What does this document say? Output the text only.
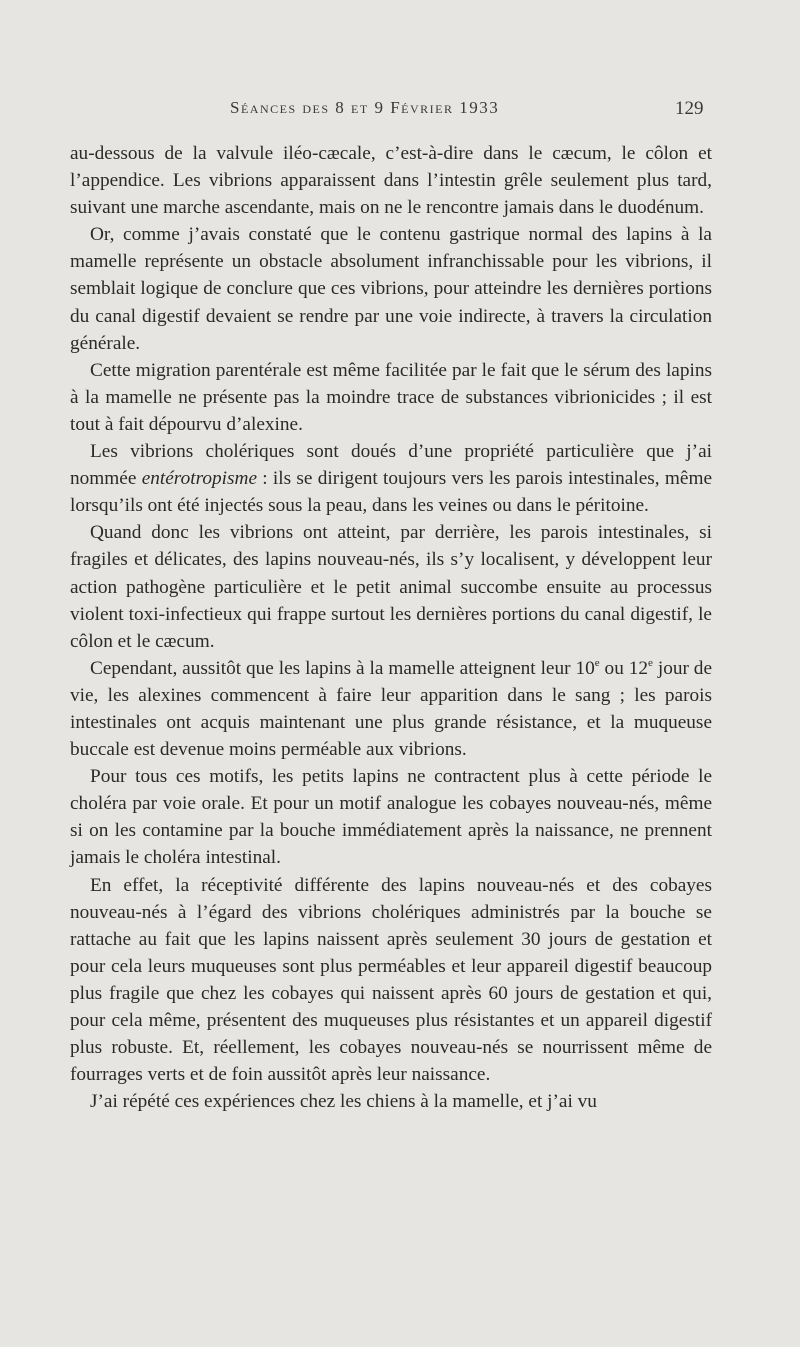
Séances des 8 et 9 Février 1933	129

au-dessous de la valvule iléo-cæcale, c’est-à-dire dans le cæcum, le côlon et l’appendice. Les vibrions apparaissent dans l’intestin grêle seulement plus tard, suivant une marche ascendante, mais on ne le rencontre jamais dans le duodénum.

Or, comme j’avais constaté que le contenu gastrique normal des lapins à la mamelle représente un obstacle absolument infranchissable pour les vibrions, il semblait logique de conclure que ces vibrions, pour atteindre les dernières portions du canal digestif devaient se rendre par une voie indirecte, à travers la circulation générale.

Cette migration parentérale est même facilitée par le fait que le sérum des lapins à la mamelle ne présente pas la moindre trace de substances vibrionicides ; il est tout à fait dépourvu d’alexine.

Les vibrions cholériques sont doués d’une propriété particulière que j’ai nommée entérotropisme : ils se dirigent toujours vers les parois intestinales, même lorsqu’ils ont été injectés sous la peau, dans les veines ou dans le péritoine.

Quand donc les vibrions ont atteint, par derrière, les parois intestinales, si fragiles et délicates, des lapins nouveau-nés, ils s’y localisent, y développent leur action pathogène particulière et le petit animal succombe ensuite au processus violent toxi-infectieux qui frappe surtout les dernières portions du canal digestif, le côlon et le cæcum.

Cependant, aussitôt que les lapins à la mamelle atteignent leur 10e ou 12e jour de vie, les alexines commencent à faire leur apparition dans le sang ; les parois intestinales ont acquis maintenant une plus grande résistance, et la muqueuse buccale est devenue moins perméable aux vibrions.

Pour tous ces motifs, les petits lapins ne contractent plus à cette période le choléra par voie orale. Et pour un motif analogue les cobayes nouveau-nés, même si on les contamine par la bouche immédiatement après la naissance, ne prennent jamais le choléra intestinal.

En effet, la réceptivité différente des lapins nouveau-nés et des cobayes nouveau-nés à l’égard des vibrions cholériques administrés par la bouche se rattache au fait que les lapins naissent après seulement 30 jours de gestation et pour cela leurs muqueuses sont plus perméables et leur appareil digestif beaucoup plus fragile que chez les cobayes qui naissent après 60 jours de gestation et qui, pour cela même, présentent des muqueuses plus résistantes et un appareil digestif plus robuste. Et, réellement, les cobayes nouveau-nés se nourrissent même de fourrages verts et de foin aussitôt après leur naissance.

J’ai répété ces expériences chez les chiens à la mamelle, et j’ai vu
